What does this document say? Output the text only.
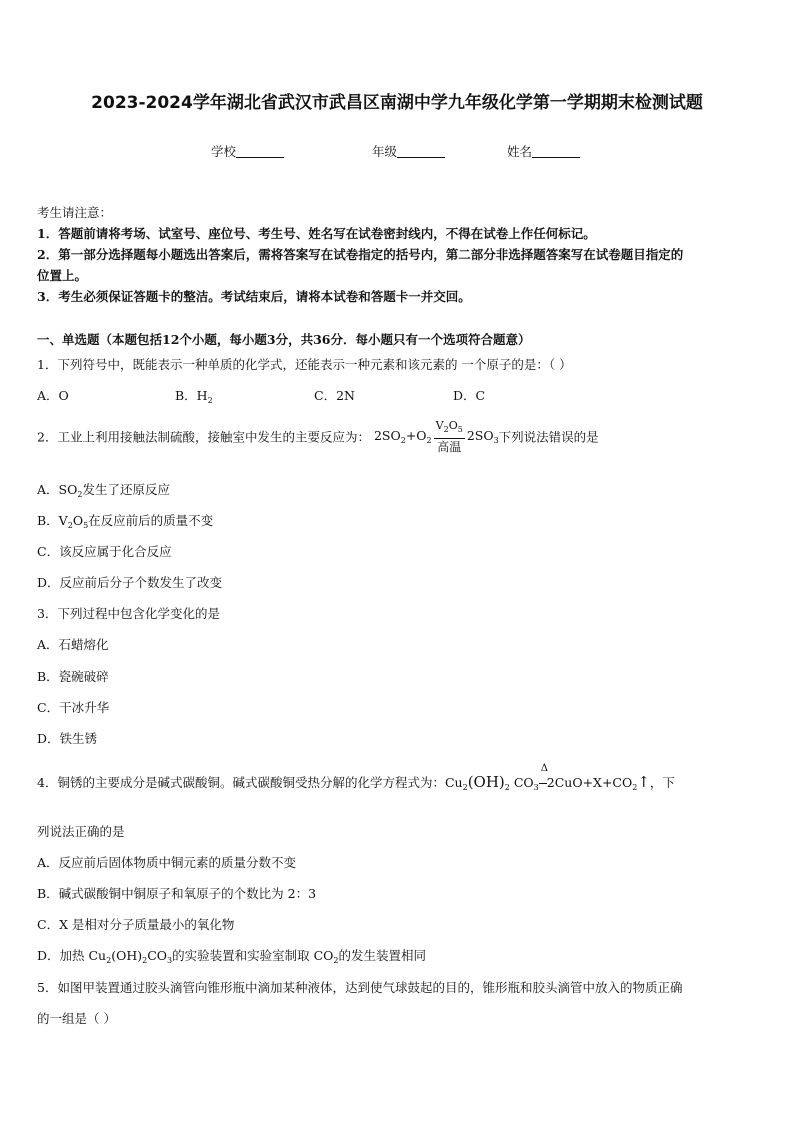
2023-2024学年湖北省武汉市武昌区南湖中学九年级化学第一学期期末检测试题
学校	年级	姓名
考生请注意：
1．答题前请将考场、试室号、座位号、考生号、姓名写在试卷密封线内，不得在试卷上作任何标记。
2．第一部分选择题每小题选出答案后，需将答案写在试卷指定的括号内，第二部分非选择题答案写在试卷题目指定的
位置上。
3．考生必须保证答题卡的整洁。考试结束后，请将本试卷和答题卡一并交回。
一、单选题（本题包括12个小题，每小题3分，共36分．每小题只有一个选项符合题意）
1．下列符号中，既能表示一种单质的化学式，还能表示一种元素和该元素的 一个原子的是：（ ）
A．O	B．$H_2$	C．2N	D．C
2．工业上利用接触法制硫酸，接触室中发生的主要反应为： $2SO_2+O_2 \frac{V_2O_5}{\text{高温}} 2SO_3$下列说法错误的是
A．$SO_2$发生了还原反应
B．$V_2O_5$在反应前后的质量不变
C．该反应属于化合反应
D．反应前后分子个数发生了改变
3．下列过程中包含化学变化的是
A．石蜡熔化
B．瓷碗破碎
C．干冰升华
D．铁生锈
4．铜锈的主要成分是碱式碳酸铜。碱式碳酸铜受热分解的化学方程式为：$Cu_2(OH)_2$ $CO_3$
Δ
$2CuO+X+CO_2↑$，下
列说法正确的是
A．反应前后固体物质中铜元素的质量分数不变
B．碱式碳酸铜中铜原子和氧原子的个数比为 2：3
C．X 是相对分子质量最小的氧化物
D．加热 $Cu_2(OH)_2CO_3$的实验装置和实验室制取 $CO_2$的发生装置相同
5．如图甲装置通过胶头滴管向锥形瓶中滴加某种液体，达到使气球鼓起的目的，锥形瓶和胶头滴管中放入的物质正确
的一组是（ ）
